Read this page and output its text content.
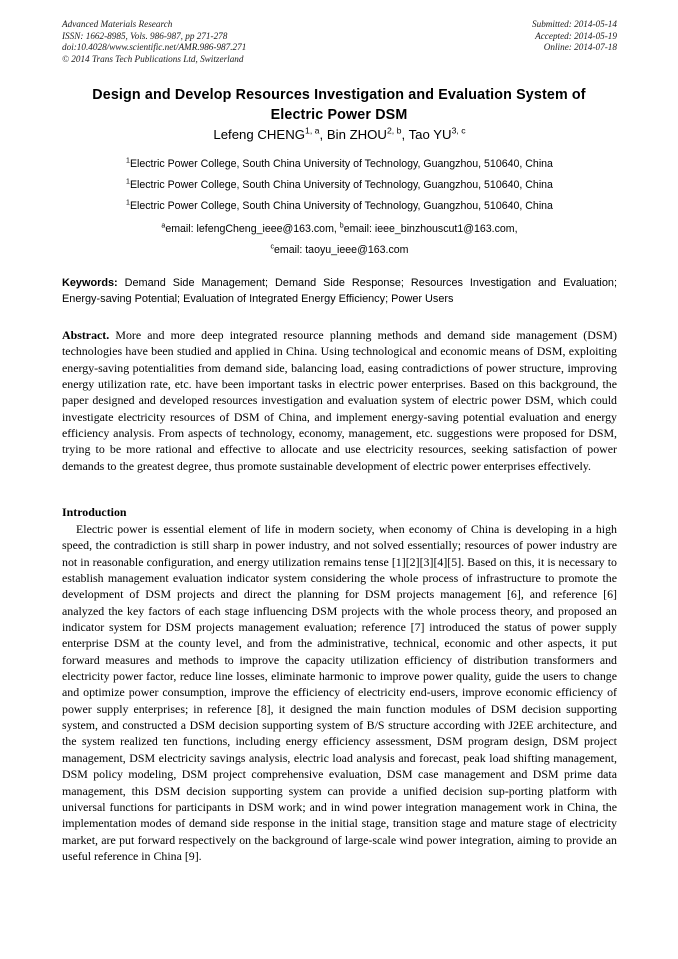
Advanced Materials Research
ISSN: 1662-8985, Vols. 986-987, pp 271-278
doi:10.4028/www.scientific.net/AMR.986-987.271
© 2014 Trans Tech Publications Ltd, Switzerland
Submitted: 2014-05-14
Accepted: 2014-05-19
Online: 2014-07-18
Design and Develop Resources Investigation and Evaluation System of Electric Power DSM
Lefeng CHENG$^{1, a}$, Bin ZHOU$^{2, b}$, Tao YU$^{3, c}$
$^1$Electric Power College, South China University of Technology, Guangzhou, 510640, China
$^1$Electric Power College, South China University of Technology, Guangzhou, 510640, China
$^1$Electric Power College, South China University of Technology, Guangzhou, 510640, China
$^a$email: lefengCheng_ieee@163.com, $^b$email: ieee_binzhouscut1@163.com,
$^c$email: taoyu_ieee@163.com
Keywords: Demand Side Management; Demand Side Response; Resources Investigation and Evaluation; Energy-saving Potential; Evaluation of Integrated Energy Efficiency; Power Users
Abstract. More and more deep integrated resource planning methods and demand side management (DSM) technologies have been studied and applied in China. Using technological and economic means of DSM, exploiting energy-saving potentialities from demand side, balancing load, easing contradictions of power structure, improving energy utilization rate, etc. have been important tasks in electric power enterprises. Based on this background, the paper designed and developed resources investigation and evaluation system of electric power DSM, which could investigate electricity resources of DSM of China, and implement energy-saving potential evaluation and energy efficiency analysis. From aspects of technology, economy, management, etc. suggestions were proposed for DSM, trying to be more rational and effective to allocate and use electricity resources, seeking satisfaction of power demands to the greatest degree, thus promote sustainable development of electric power enterprises effectively.
Introduction

Electric power is essential element of life in modern society, when economy of China is developing in a high speed, the contradiction is still sharp in power industry, and not solved essentially; resources of power industry are not in reasonable configuration, and energy utilization remains tense [1][2][3][4][5]. Based on this, it is necessary to establish management evaluation indicator system considering the whole process of infrastructure to promote the development of DSM projects and direct the planning for DSM projects management [6], and reference [6] analyzed the key factors of each stage influencing DSM projects with the whole process theory, and proposed an indicator system for DSM projects management evaluation; reference [7] introduced the status of power supply enterprise DSM at the county level, and from the administrative, technical, economic and other aspects, it put forward measures and methods to improve the capacity utilization efficiency of distribution transformers and electricity power factor, reduce line losses, eliminate harmonic to improve power quality, guide the users to change and optimize power consumption, improve the efficiency of electricity end-users, improve economic efficiency of power supply enterprises; in reference [8], it designed the main function modules of DSM decision supporting system, and constructed a DSM decision supporting system of B/S structure according with J2EE architecture, and the system realized ten functions, including energy efficiency assessment, DSM program design, DSM project management, DSM electricity savings analysis, electric load analysis and forecast, peak load shifting management, DSM policy modeling, DSM project comprehensive evaluation, DSM case management and DSM prime data management, this DSM decision supporting system can provide a unified decision sup-porting platform with universal functions for participants in DSM work; and in wind power integration management work in China, the implementation modes of demand side response in the initial stage, transition stage and mature stage of electricity market, are put forward respectively on the background of large-scale wind power integration, aiming to provide an useful reference in China [9].
